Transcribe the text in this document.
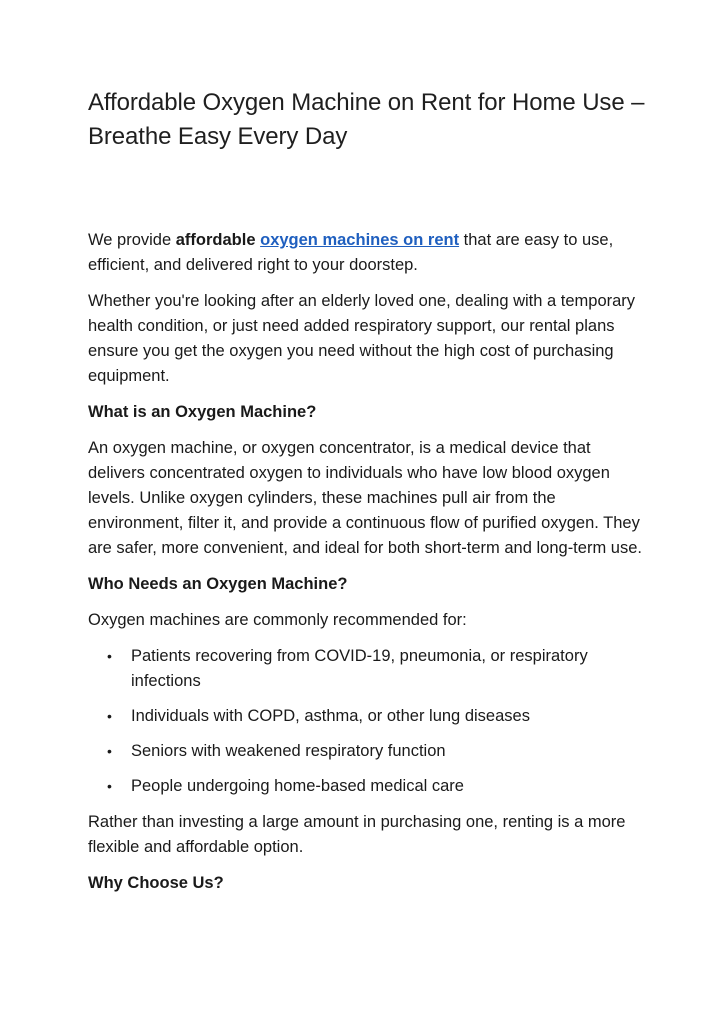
Affordable Oxygen Machine on Rent for Home Use – Breathe Easy Every Day

We provide affordable oxygen machines on rent that are easy to use, efficient, and delivered right to your doorstep.

Whether you're looking after an elderly loved one, dealing with a temporary health condition, or just need added respiratory support, our rental plans ensure you get the oxygen you need without the high cost of purchasing equipment.

What is an Oxygen Machine?

An oxygen machine, or oxygen concentrator, is a medical device that delivers concentrated oxygen to individuals who have low blood oxygen levels. Unlike oxygen cylinders, these machines pull air from the environment, filter it, and provide a continuous flow of purified oxygen. They are safer, more convenient, and ideal for both short-term and long-term use.

Who Needs an Oxygen Machine?

Oxygen machines are commonly recommended for:

• Patients recovering from COVID-19, pneumonia, or respiratory infections
• Individuals with COPD, asthma, or other lung diseases
• Seniors with weakened respiratory function
• People undergoing home-based medical care

Rather than investing a large amount in purchasing one, renting is a more flexible and affordable option.

Why Choose Us?
